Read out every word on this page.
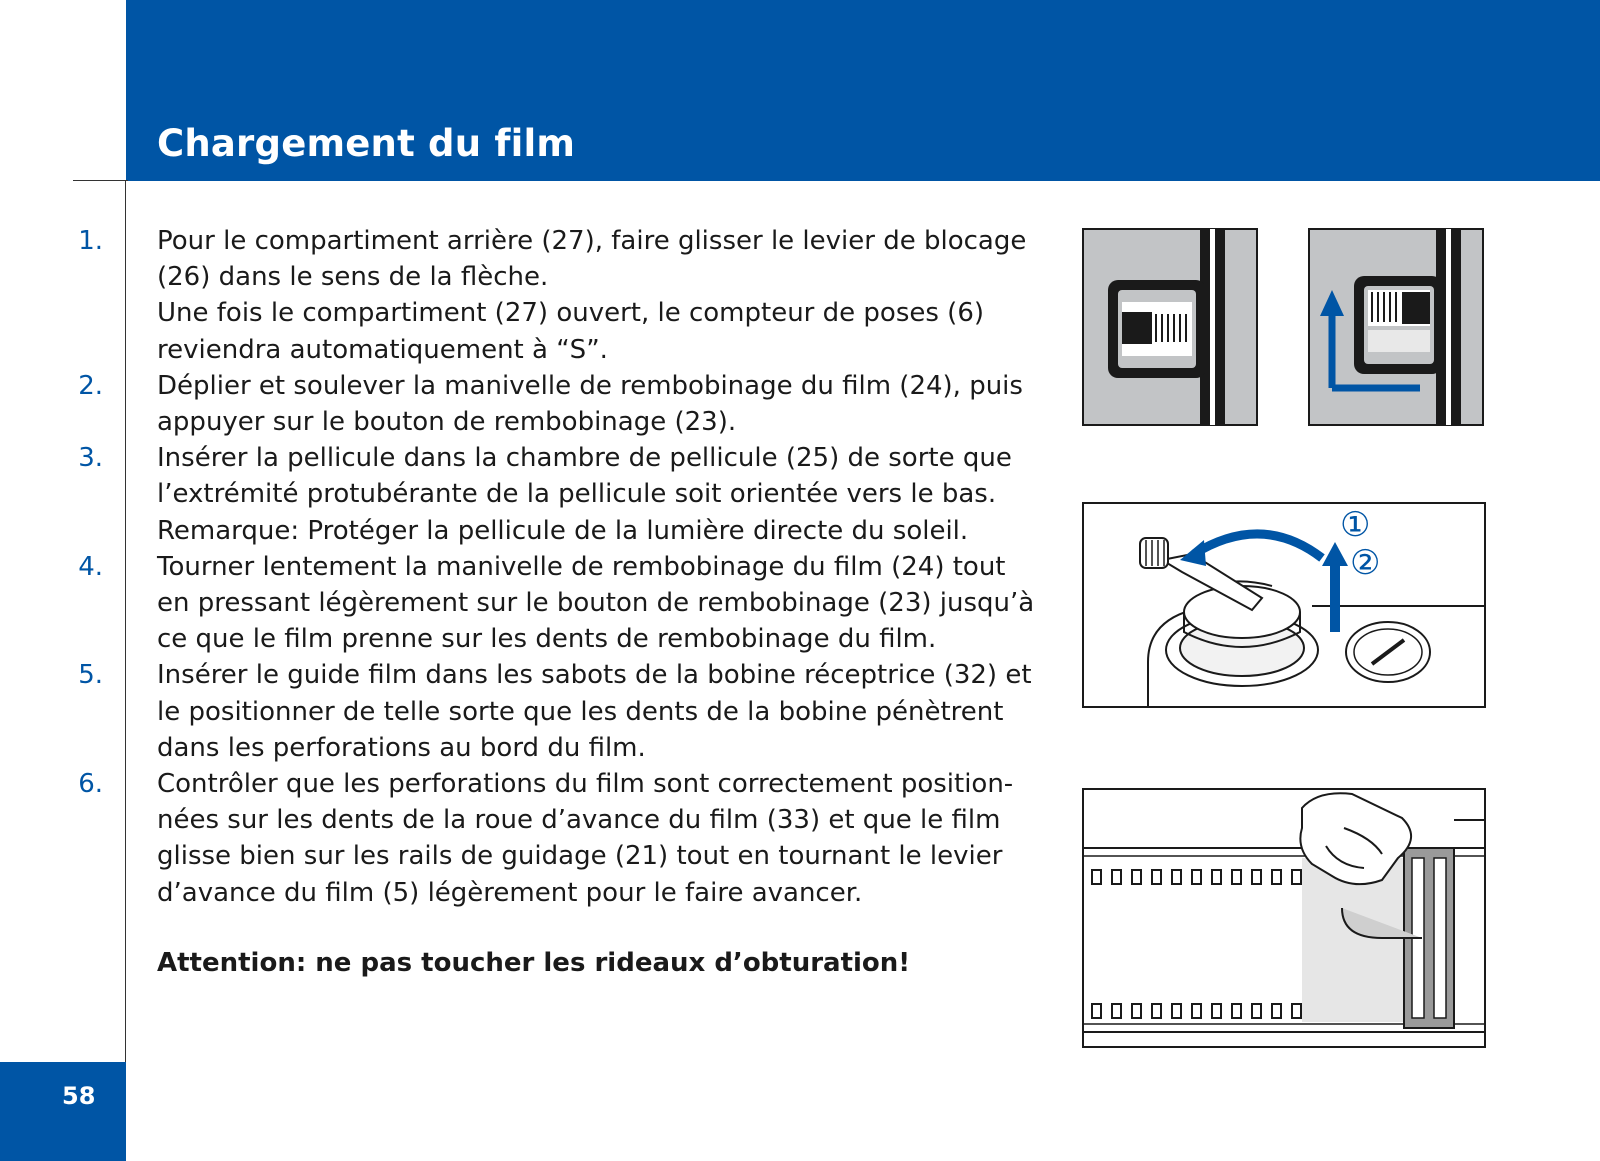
Chargement du film
58
1. Pour le compartiment arrière (27), faire glisser le levier de blocage
(26) dans le sens de la flèche.
Une fois le compartiment (27) ouvert, le compteur de poses (6)
reviendra automatiquement à “S”.
2. Déplier et soulever la manivelle de rembobinage du film (24), puis
appuyer sur le bouton de rembobinage (23).
3. Insérer la pellicule dans la chambre de pellicule (25) de sorte que
l’extrémité protubérante de la pellicule soit orientée vers le bas.
Remarque: Protéger la pellicule de la lumière directe du soleil.
4. Tourner lentement la manivelle de rembobinage du film (24) tout
en pressant légèrement sur le bouton de rembobinage (23) jusqu’à
ce que le film prenne sur les dents de rembobinage du film.
5. Insérer le guide film dans les sabots de la bobine réceptrice (32) et
le positionner de telle sorte que les dents de la bobine pénètrent
dans les perforations au bord du film.
6. Contrôler que les perforations du film sont correctement position-
nées sur les dents de la roue d’avance du film (33) et que le film
glisse bien sur les rails de guidage (21) tout en tournant le levier
d’avance du film (5) légèrement pour le faire avancer.
Attention: ne pas toucher les rideaux d’obturation!
①
②
